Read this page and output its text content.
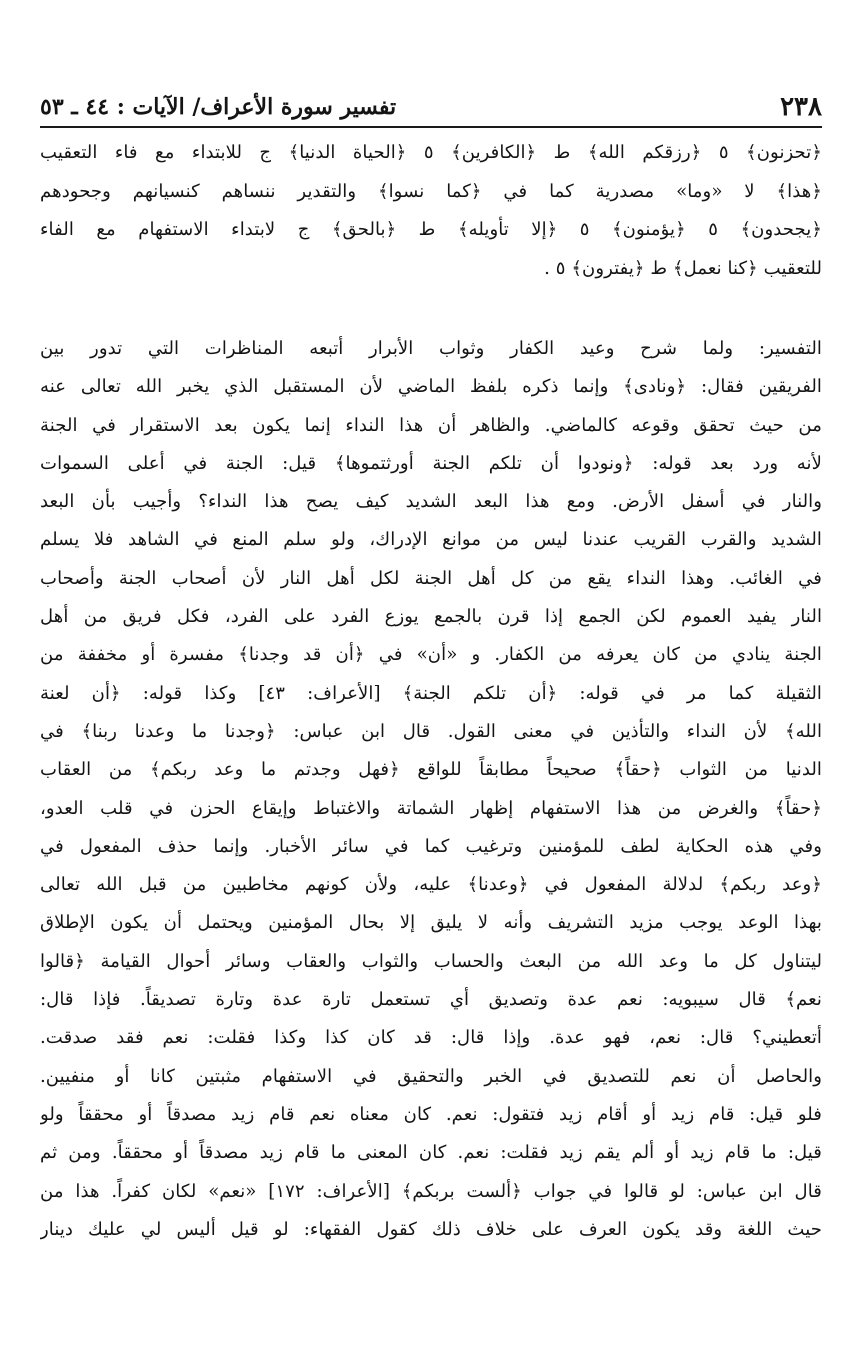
٢٣٨
تفسير سورة الأعراف/ الآيات : ٤٤ ـ ٥٣
﴿تحزنون﴾ ٥ ﴿رزقكم الله﴾ ط ﴿الكافرين﴾ ٥ ﴿الحياة الدنيا﴾ ج للابتداء مع فاء التعقيب
﴿هذا﴾ لا «وما» مصدرية كما في ﴿كما نسوا﴾ والتقدير ننساهم كنسيانهم وجحودهم
﴿يجحدون﴾ ٥ ﴿يؤمنون﴾ ٥ ﴿إلا تأويله﴾ ط ﴿بالحق﴾ ج لابتداء الاستفهام مع الفاء
للتعقيب ﴿كنا نعمل﴾ ط ﴿يفترون﴾ ٥ .
التفسير: ولما شرح وعيد الكفار وثواب الأبرار أتبعه المناظرات التي تدور بين
الفريقين فقال: ﴿ونادى﴾ وإنما ذكره بلفظ الماضي لأن المستقبل الذي يخبر الله تعالى عنه
من حيث تحقق وقوعه كالماضي. والظاهر أن هذا النداء إنما يكون بعد الاستقرار في الجنة
لأنه ورد بعد قوله: ﴿ونودوا أن تلكم الجنة أورثتموها﴾ قيل: الجنة في أعلى السموات
والنار في أسفل الأرض. ومع هذا البعد الشديد كيف يصح هذا النداء؟ وأجيب بأن البعد
الشديد والقرب القريب عندنا ليس من موانع الإدراك، ولو سلم المنع في الشاهد فلا يسلم
في الغائب. وهذا النداء يقع من كل أهل الجنة لكل أهل النار لأن أصحاب الجنة وأصحاب
النار يفيد العموم لكن الجمع إذا قرن بالجمع يوزع الفرد على الفرد، فكل فريق من أهل
الجنة ينادي من كان يعرفه من الكفار. و «أن» في ﴿أن قد وجدنا﴾ مفسرة أو مخففة من
الثقيلة كما مر في قوله: ﴿أن تلكم الجنة﴾ [الأعراف: ٤٣] وكذا قوله: ﴿أن لعنة
الله﴾ لأن النداء والتأذين في معنى القول. قال ابن عباس: ﴿وجدنا ما وعدنا ربنا﴾ في
الدنيا من الثواب ﴿حقاً﴾ صحيحاً مطابقاً للواقع ﴿فهل وجدتم ما وعد ربكم﴾ من العقاب
﴿حقاً﴾ والغرض من هذا الاستفهام إظهار الشماتة والاغتباط وإيقاع الحزن في قلب العدو،
وفي هذه الحكاية لطف للمؤمنين وترغيب كما في سائر الأخبار. وإنما حذف المفعول في
﴿وعد ربكم﴾ لدلالة المفعول في ﴿وعدنا﴾ عليه، ولأن كونهم مخاطبين من قبل الله تعالى
بهذا الوعد يوجب مزيد التشريف وأنه لا يليق إلا بحال المؤمنين ويحتمل أن يكون الإطلاق
ليتناول كل ما وعد الله من البعث والحساب والثواب والعقاب وسائر أحوال القيامة ﴿قالوا
نعم﴾ قال سيبويه: نعم عدة وتصديق أي تستعمل تارة عدة وتارة تصديقاً. فإذا قال:
أتعطيني؟ قال: نعم، فهو عدة. وإذا قال: قد كان كذا وكذا فقلت: نعم فقد صدقت.
والحاصل أن نعم للتصديق في الخبر والتحقيق في الاستفهام مثبتين كانا أو منفيين.
فلو قيل: قام زيد أو أقام زيد فتقول: نعم. كان معناه نعم قام زيد مصدقاً أو محققاً ولو
قيل: ما قام زيد أو ألم يقم زيد فقلت: نعم. كان المعنى ما قام زيد مصدقاً أو محققاً. ومن ثم
قال ابن عباس: لو قالوا في جواب ﴿ألست بربكم﴾ [الأعراف: ١٧٢] «نعم» لكان كفراً. هذا من
حيث اللغة وقد يكون العرف على خلاف ذلك كقول الفقهاء: لو قيل أليس لي عليك دينار
